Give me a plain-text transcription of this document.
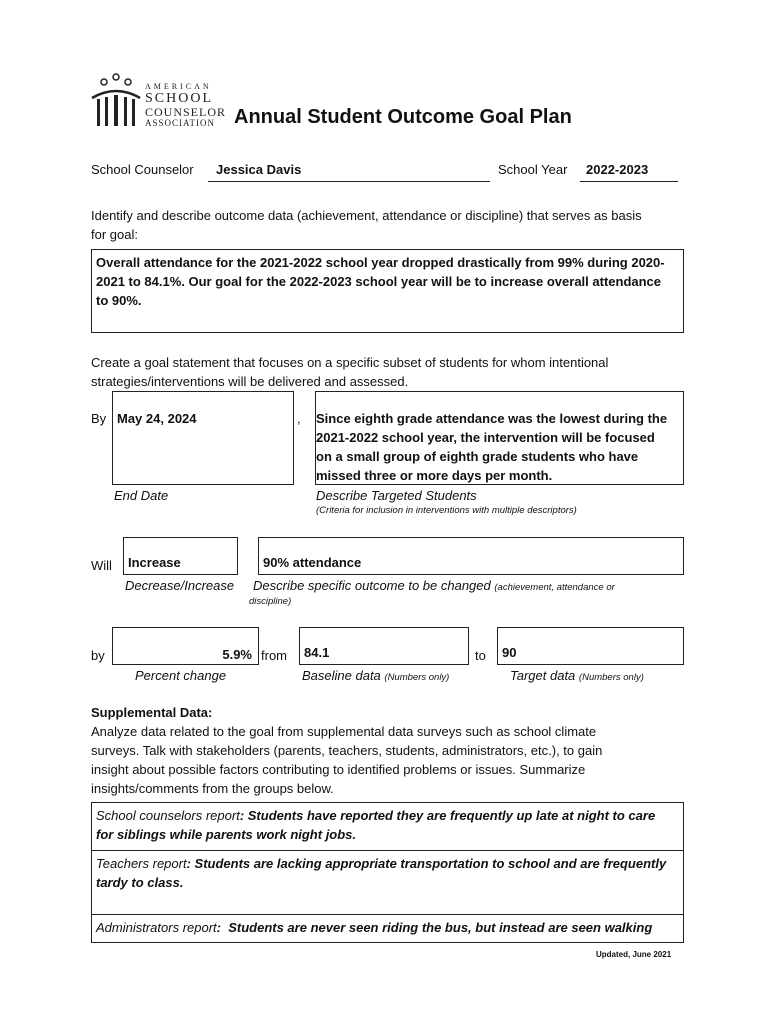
AMERICAN
SCHOOL
COUNSELOR
ASSOCIATION Annual Student Outcome Goal Plan
School Counselor Jessica Davis	School Year 2022-2023
Identify and describe outcome data (achievement, attendance or discipline) that serves as basis
for goal:
Overall attendance for the 2021-2022 school year dropped drastically from 99% during 2020-
2021 to 84.1%. Our goal for the 2022-2023 school year will be to increase overall attendance
to 90%.
Create a goal statement that focuses on a specific subset of students for whom intentional
strategies/interventions will be delivered and assessed.
By May 24, 2024	, Since eighth grade attendance was the lowest during the
2021-2022 school year, the intervention will be focused
on a small group of eighth grade students who have
missed three or more days per month.
End Date	Describe Targeted Students
(Criteria for inclusion in interventions with multiple descriptors)
Will	Increase	90% attendance
Decrease/Increase Describe specific outcome to be changed (achievement, attendance or
discipline)
by	5.9% from	84.1	to	90
Percent change	Baseline data (Numbers only)	Target data (Numbers only)
Supplemental Data:
Analyze data related to the goal from supplemental data surveys such as school climate
surveys. Talk with stakeholders (parents, teachers, students, administrators, etc.), to gain
insight about possible factors contributing to identified problems or issues. Summarize
insights/comments from the groups below.
School counselors report: Students have reported they are frequently up late at night to care
for siblings while parents work night jobs.
Teachers report: Students are lacking appropriate transportation to school and are frequently
tardy to class.
Administrators report:  Students are never seen riding the bus, but instead are seen walking
Updated, June 2021
